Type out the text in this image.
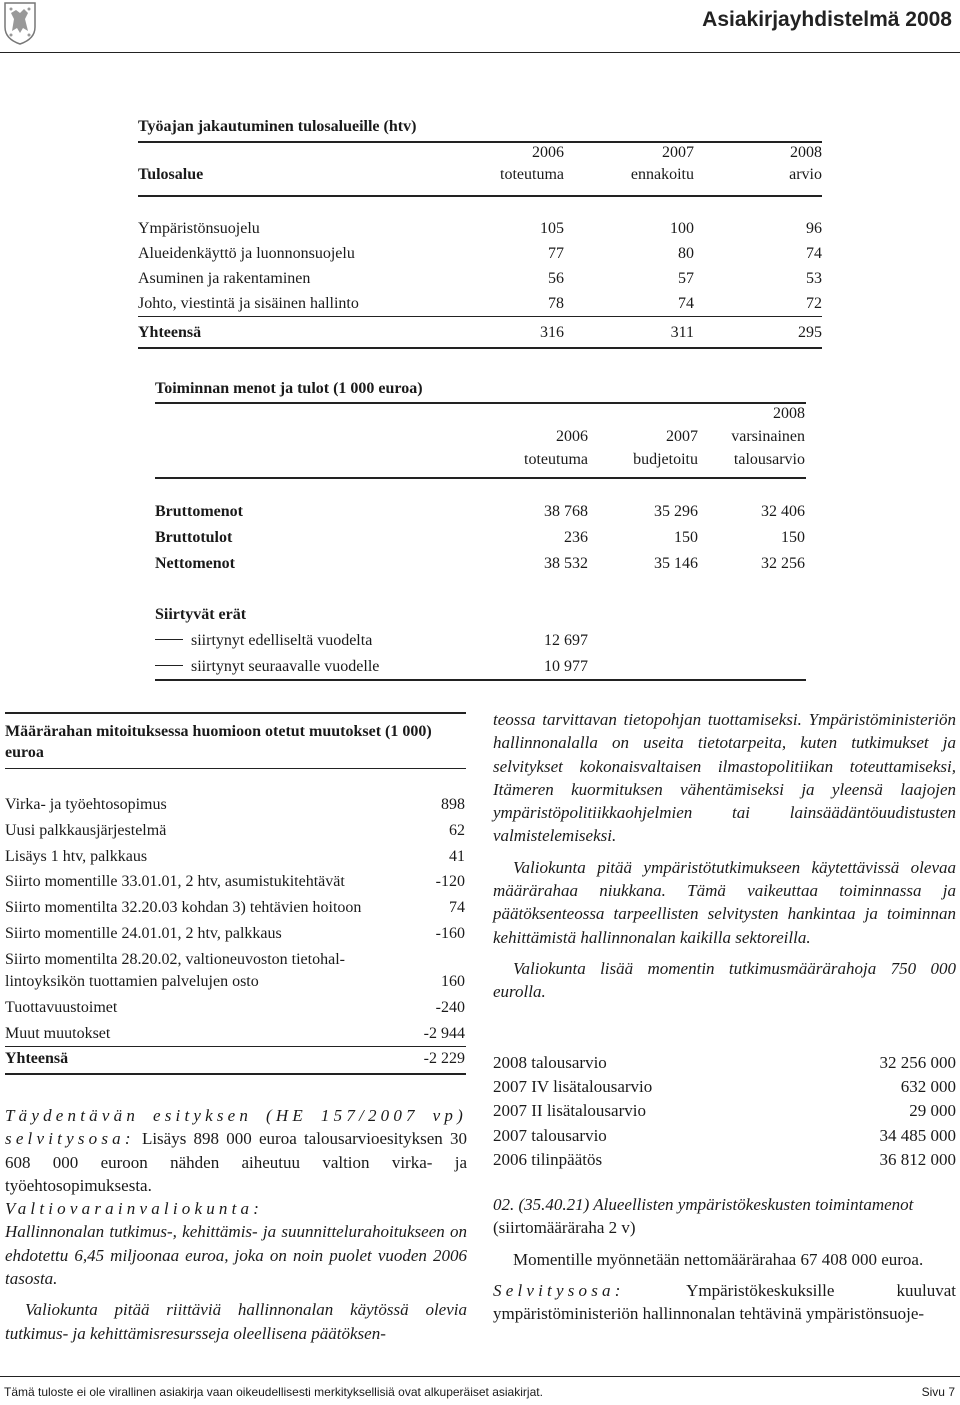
Asiakirjayhdistelmä 2008
Työajan jakautuminen tulosalueille (htv)
2006	2007	2008
Tulosalue	toteutuma	ennakoitu	arvio
Ympäristönsuojelu	105	100	96
Alueidenkäyttö ja luonnonsuojelu	77	80	74
Asuminen ja rakentaminen	56	57	53
Johto, viestintä ja sisäinen hallinto	78	74	72
Yhteensä	316	311	295
Toiminnan menot ja tulot (1 000 euroa)
2008
2006	2007	varsinainen
toteutuma	budjetoitu	talousarvio
Bruttomenot	38 768	35 296	32 406
Bruttotulot	236	150	150
Nettomenot	38 532	35 146	32 256
Siirtyvät erät
siirtynyt edelliseltä vuodelta	12 697
siirtynyt seuraavalle vuodelle	10 977
Määrärahan mitoituksessa huomioon otetut muutokset (1 000) euroa
Virka- ja työehtosopimus	898
Uusi palkkausjärjestelmä	62
Lisäys 1 htv, palkkaus	41
Siirto momentille 33.01.01, 2 htv, asumistukitehtävät	-120
Siirto momentilta 32.20.03 kohdan 3) tehtävien hoitoon	74
Siirto momentille 24.01.01, 2 htv, palkkaus	-160
Siirto momentilta 28.20.02, valtioneuvoston tietohal-
lintoyksikön tuottamien palvelujen osto	160
Tuottavuustoimet	-240
Muut muutokset	-2 944
Yhteensä	-2 229

Täydentävän esityksen (HE 157/2007 vp) selvitysosa: Lisäys 898 000 euroa talousarvioesityksen 30 608 000 euroon nähden aiheutuu valtion virka- ja työehtosopimuksesta.

Valtiovarainvaliokunta:
Hallinnonalan tutkimus-, kehittämis- ja suunnittelurahoitukseen on ehdotettu 6,45 miljoonaa euroa, joka on noin puolet vuoden 2006 tasosta.

Valiokunta pitää riittäviä hallinnonalan käytössä olevia tutkimus- ja kehittämisresursseja oleellisena päätöksen-

teossa tarvittavan tietopohjan tuottamiseksi. Ympäristöministeriön hallinnonalalla on useita tietotarpeita, kuten tutkimukset ja selvitykset kokonaisvaltaisen ilmastopolitiikan toteuttamiseksi, Itämeren kuormituksen vähentämiseksi ja yleensä laajojen ympäristöpolitiikkaohjelmien tai lainsäädäntöuudistusten valmistelemiseksi.

Valiokunta pitää ympäristötutkimukseen käytettävissä olevaa määrärahaa niukkana. Tämä vaikeuttaa toiminnassa ja päätöksenteossa tarpeellisten selvitysten hankintaa ja toiminnan kehittämistä hallinnonalan kaikilla sektoreilla.

Valiokunta lisää momentin tutkimusmäärärahoja 750 000 eurolla.

2008 talousarvio	32 256 000
2007 IV lisätalousarvio	632 000
2007 II lisätalousarvio	29 000
2007 talousarvio	34 485 000
2006 tilinpäätös	36 812 000

02. (35.40.21) Alueellisten ympäristökeskusten toimintamenot (siirtomääräraha 2 v)

Momentille myönnetään nettomäärärahaa 67 408 000 euroa.

Selvitysosa: Ympäristökeskuksille kuuluvat ympäristöministeriön hallinnonalan tehtävinä ympäristönsuoje-

Tämä tuloste ei ole virallinen asiakirja vaan oikeudellisesti merkityksellisiä ovat alkuperäiset asiakirjat.	Sivu 7
